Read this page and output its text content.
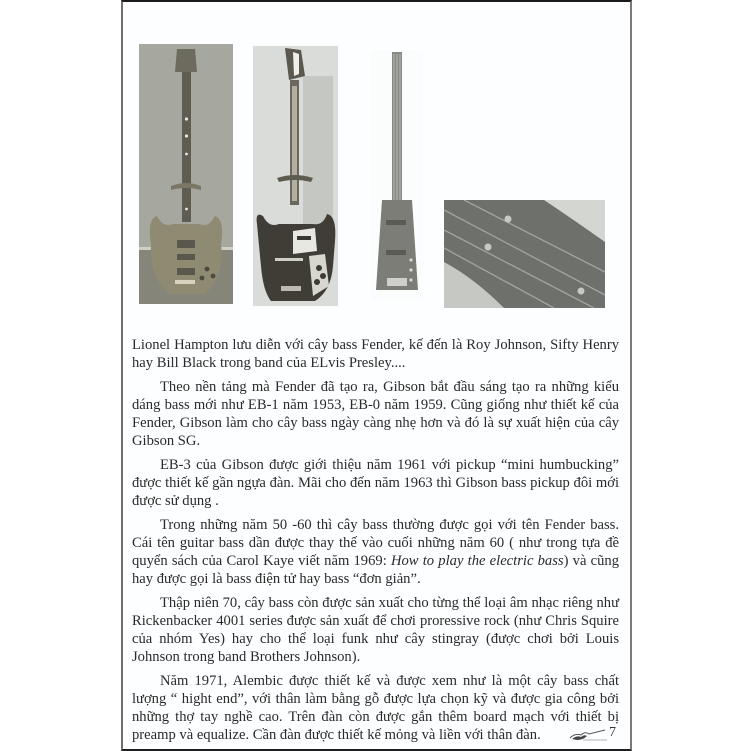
Lionel Hampton lưu diễn với cây bass Fender, kế đến là Roy Johnson, Sifty Henry hay Bill Black trong band của ELvis Presley....

Theo nền tảng mà Fender đã tạo ra, Gibson bắt đầu sáng tạo ra những kiểu dáng bass mới như EB-1 năm 1953, EB-0 năm 1959. Cũng giống như thiết kế của Fender, Gibson làm cho cây bass ngày càng nhẹ hơn và đó là sự xuất hiện của cây Gibson SG.

EB-3 của Gibson được giới thiệu năm 1961 với pickup “mini humbucking” được thiết kế gần ngựa đàn. Mãi cho đến năm 1963 thì Gibson bass pickup đôi mới được sử dụng .

Trong những năm 50 -60 thì cây bass thường được gọi với tên Fender bass. Cái tên guitar bass dần được thay thế vào cuối những năm 60 ( như trong tựa đề quyển sách của Carol Kaye viết năm 1969: How to play the electric bass) và cũng hay được gọi là bass điện tử hay bass “đơn giản”.

Thập niên 70, cây bass còn được sản xuất cho từng thể loại âm nhạc riêng như Rickenbacker 4001 series được sản xuất để chơi proressive rock (như Chris Squire của nhóm Yes) hay cho thể loại funk như cây stingray (được chơi bởi Louis Johnson trong band Brothers Johnson).

Năm 1971, Alembic được thiết kế và được xem như là một cây bass chất lượng “ hight end”, với thân làm bằng gỗ được lựa chọn kỹ và được gia công bởi những thợ tay nghề cao. Trên đàn còn được gắn thêm board mạch với thiết bị preamp và equalize. Cần đàn được thiết kế mỏng và liền với thân đàn.	7
